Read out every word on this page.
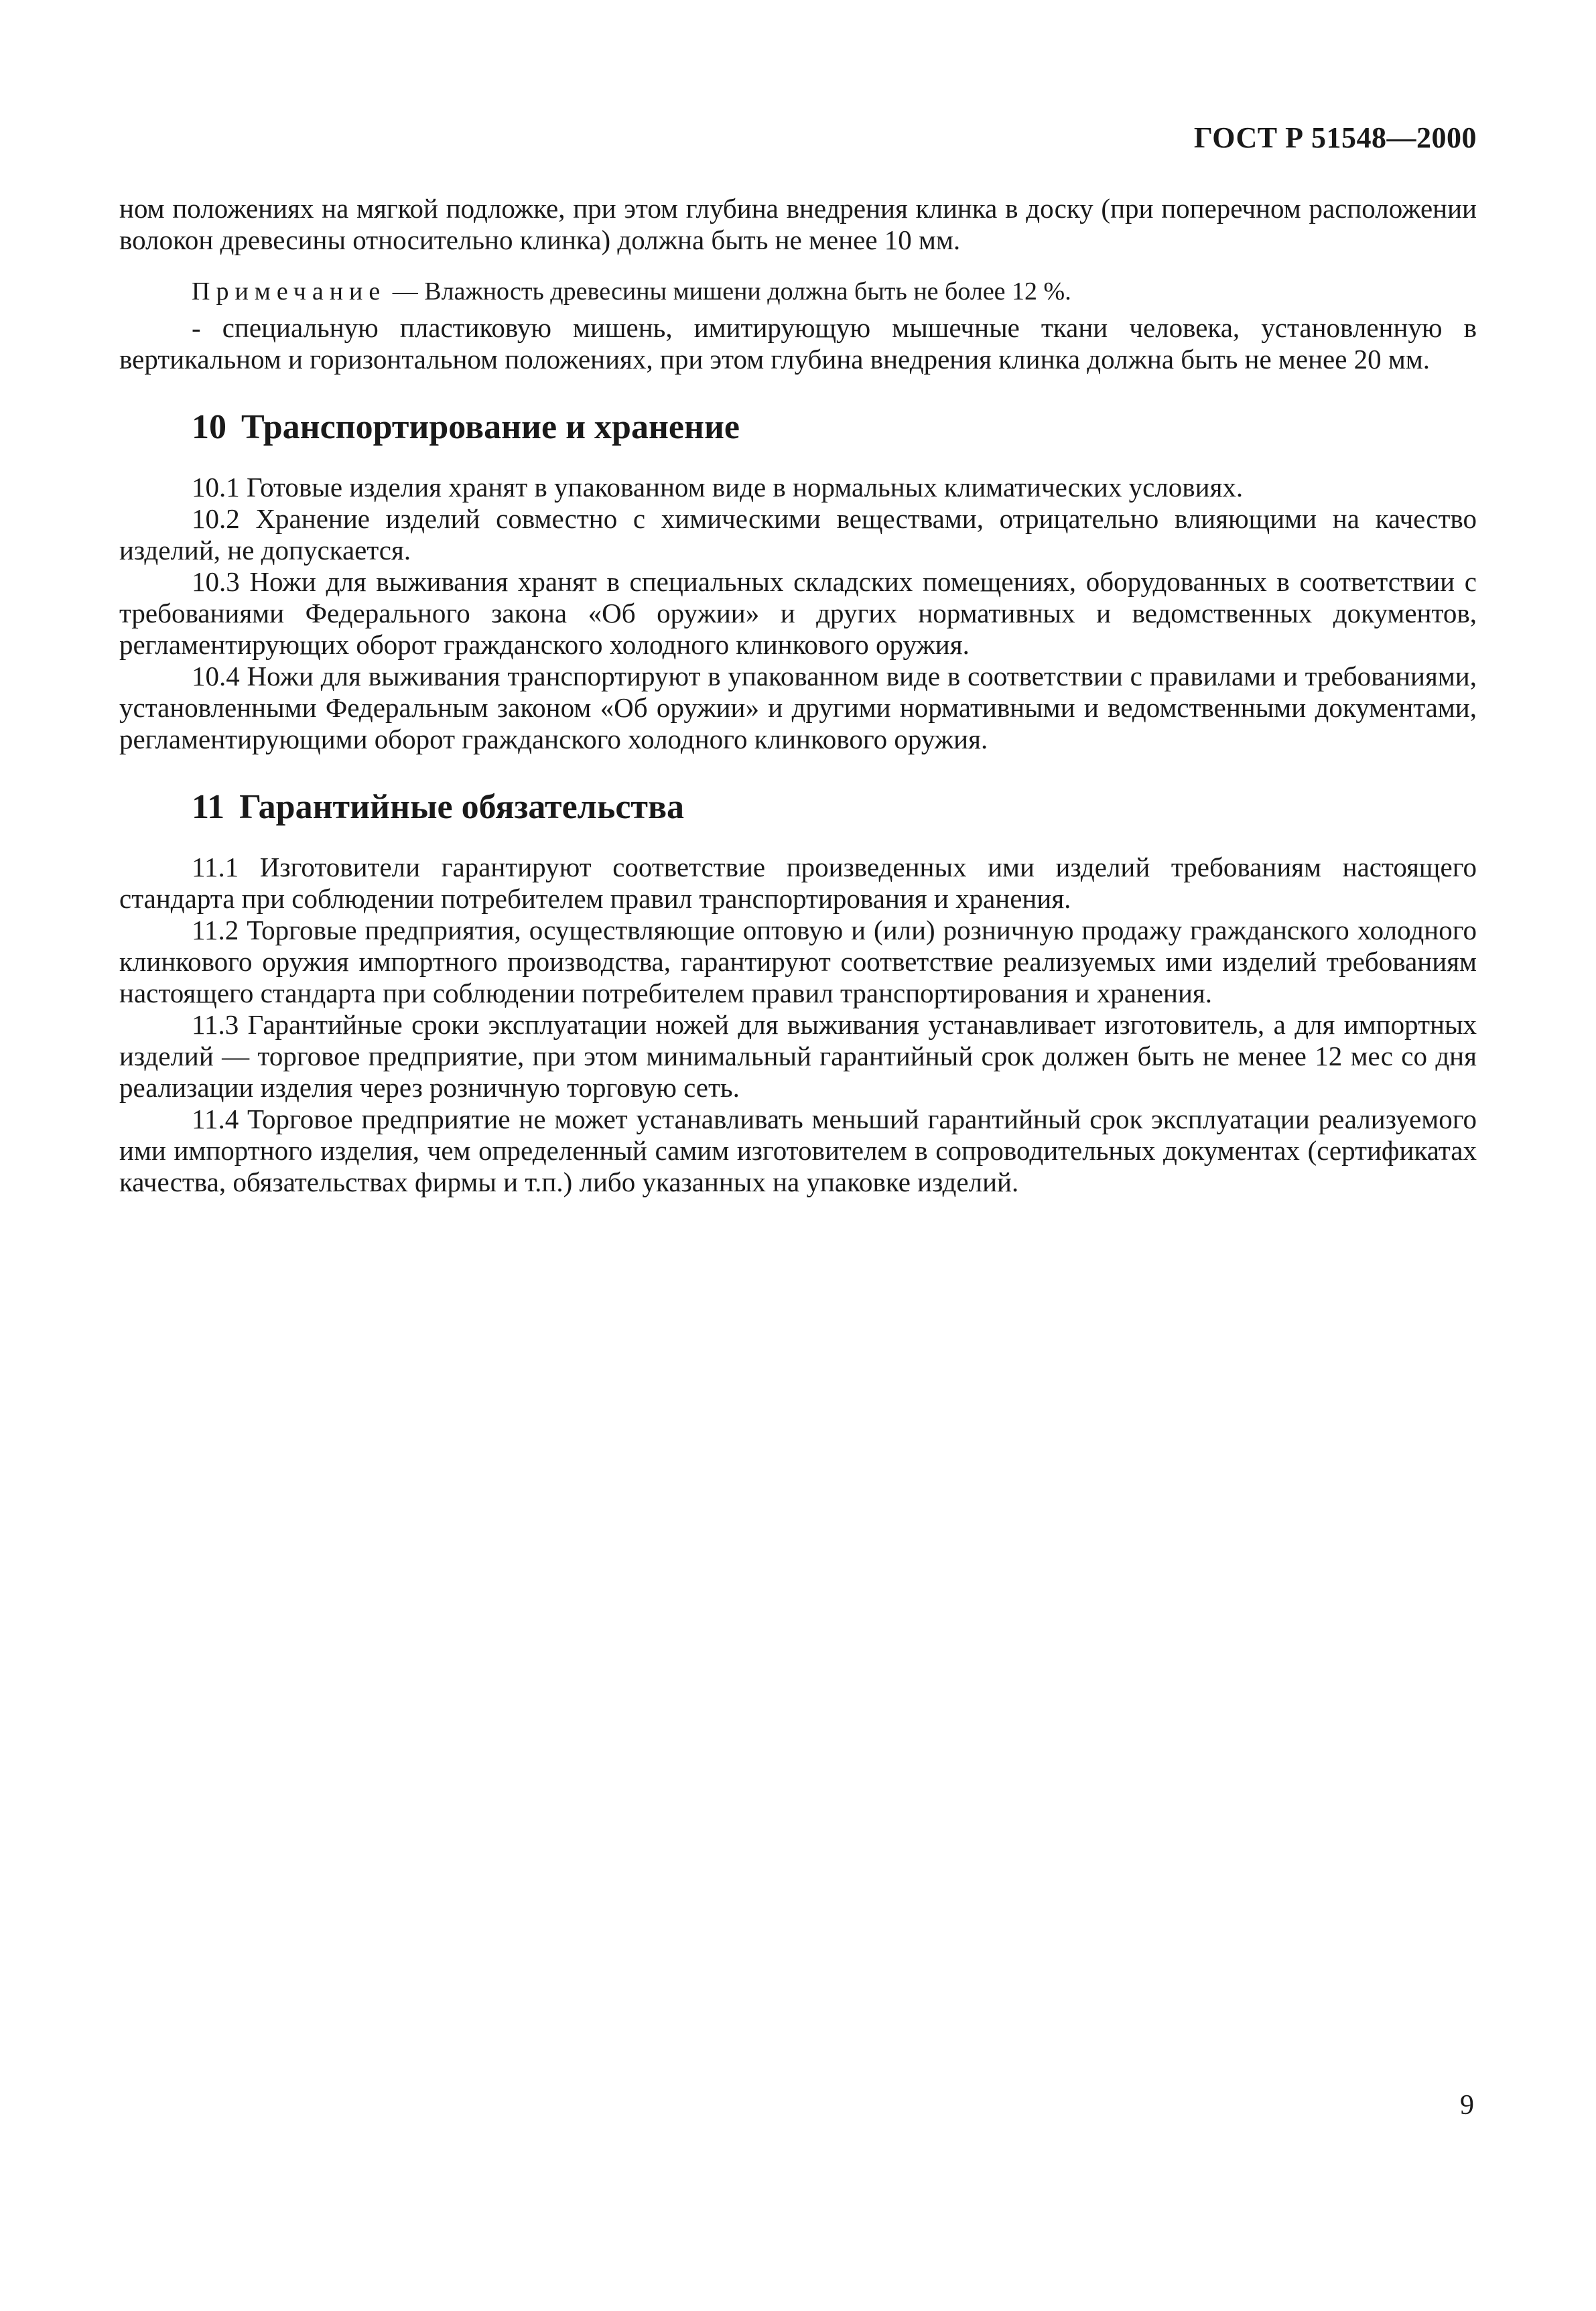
ГОСТ Р 51548—2000

ном положениях на мягкой подложке, при этом глубина внедрения клинка в доску (при поперечном расположении волокон древесины относительно клинка) должна быть не менее 10 мм.

Примечание — Влажность древесины мишени должна быть не более 12 %.

- специальную пластиковую мишень, имитирующую мышечные ткани человека, установленную в вертикальном и горизонтальном положениях, при этом глубина внедрения клинка должна быть не менее 20 мм.

10 Транспортирование и хранение

10.1 Готовые изделия хранят в упакованном виде в нормальных климатических условиях.

10.2 Хранение изделий совместно с химическими веществами, отрицательно влияющими на качество изделий, не допускается.

10.3 Ножи для выживания хранят в специальных складских помещениях, оборудованных в соответствии с требованиями Федерального закона «Об оружии» и других нормативных и ведомственных документов, регламентирующих оборот гражданского холодного клинкового оружия.

10.4 Ножи для выживания транспортируют в упакованном виде в соответствии с правилами и требованиями, установленными Федеральным законом «Об оружии» и другими нормативными и ведомственными документами, регламентирующими оборот гражданского холодного клинкового оружия.

11 Гарантийные обязательства

11.1 Изготовители гарантируют соответствие произведенных ими изделий требованиям настоящего стандарта при соблюдении потребителем правил транспортирования и хранения.

11.2 Торговые предприятия, осуществляющие оптовую и (или) розничную продажу гражданского холодного клинкового оружия импортного производства, гарантируют соответствие реализуемых ими изделий требованиям настоящего стандарта при соблюдении потребителем правил транспортирования и хранения.

11.3 Гарантийные сроки эксплуатации ножей для выживания устанавливает изготовитель, а для импортных изделий — торговое предприятие, при этом минимальный гарантийный срок должен быть не менее 12 мес со дня реализации изделия через розничную торговую сеть.

11.4 Торговое предприятие не может устанавливать меньший гарантийный срок эксплуатации реализуемого ими импортного изделия, чем определенный самим изготовителем в сопроводительных документах (сертификатах качества, обязательствах фирмы и т.п.) либо указанных на упаковке изделий.

9
